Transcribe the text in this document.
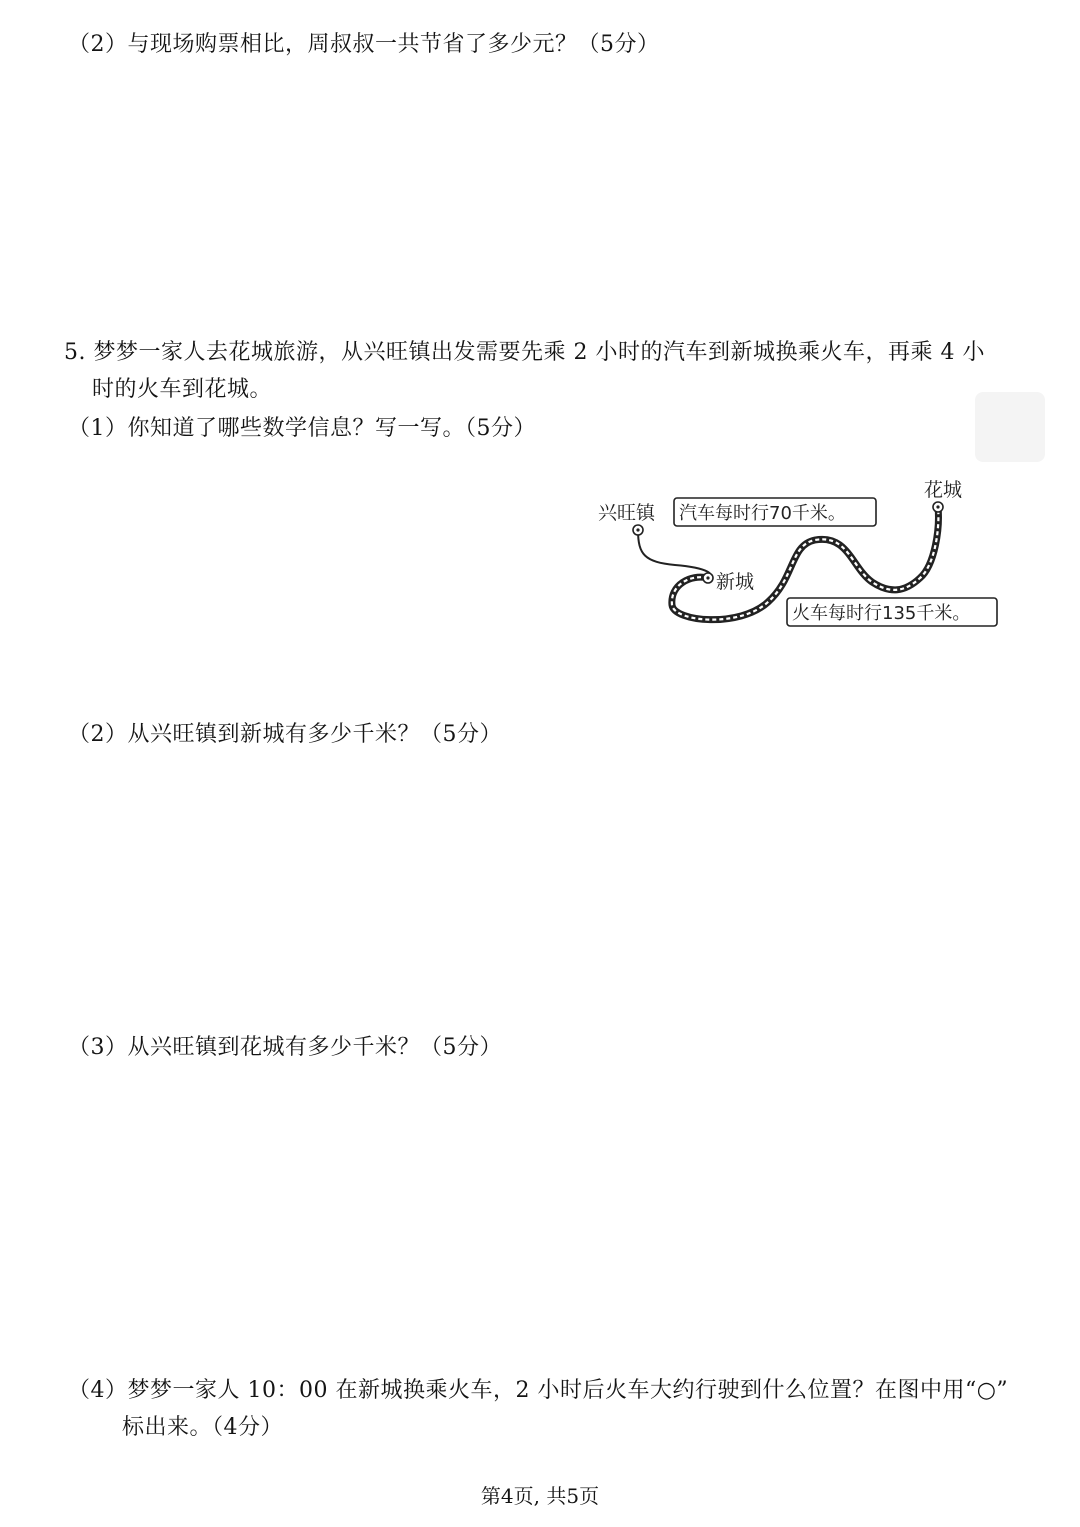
（2）与现场购票相比，周叔叔一共节省了多少元？（5分）
5. 梦梦一家人去花城旅游，从兴旺镇出发需要先乘 2 小时的汽车到新城换乘火车，再乘 4 小
时的火车到花城。
（1）你知道了哪些数学信息？写一写。（5分）
兴旺镇
新城
花城
汽车每时行70千米。
火车每时行135千米。
（2）从兴旺镇到新城有多少千米？（5分）
（3）从兴旺镇到花城有多少千米？（5分）
（4）梦梦一家人 10：00 在新城换乘火车，2 小时后火车大约行驶到什么位置？在图中用“○”
标出来。（4分）
第4页, 共5页
